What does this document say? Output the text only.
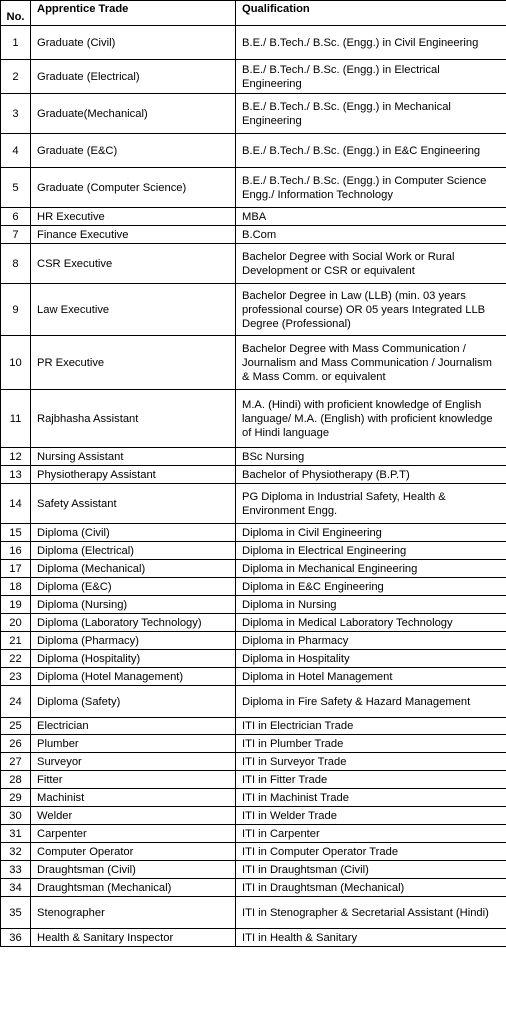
No.	Apprentice Trade	Qualification
1	Graduate (Civil)	B.E./ B.Tech./ B.Sc. (Engg.) in Civil Engineering
2	Graduate (Electrical)	B.E./ B.Tech./ B.Sc. (Engg.) in Electrical Engineering
3	Graduate(Mechanical)	B.E./ B.Tech./ B.Sc. (Engg.) in Mechanical Engineering
4	Graduate (E&C)	B.E./ B.Tech./ B.Sc. (Engg.) in E&C Engineering
5	Graduate (Computer Science)	B.E./ B.Tech./ B.Sc. (Engg.) in Computer Science Engg./ Information Technology
6	HR Executive	MBA
7	Finance Executive	B.Com
8	CSR Executive	Bachelor Degree with Social Work or Rural Development or CSR or equivalent
9	Law Executive	Bachelor Degree in Law (LLB) (min. 03 years professional course) OR 05 years Integrated LLB Degree (Professional)
10	PR Executive	Bachelor Degree with Mass Communication / Journalism and Mass Communication / Journalism & Mass Comm. or equivalent
11	Rajbhasha Assistant	M.A. (Hindi) with proficient knowledge of English language/ M.A. (English) with proficient knowledge of Hindi language
12	Nursing Assistant	BSc Nursing
13	Physiotherapy Assistant	Bachelor of Physiotherapy (B.P.T)
14	Safety Assistant	PG Diploma in Industrial Safety, Health & Environment Engg.
15	Diploma (Civil)	Diploma in Civil Engineering
16	Diploma (Electrical)	Diploma in Electrical Engineering
17	Diploma (Mechanical)	Diploma in Mechanical Engineering
18	Diploma (E&C)	Diploma in E&C Engineering
19	Diploma (Nursing)	Diploma in Nursing
20	Diploma (Laboratory Technology)	Diploma in Medical Laboratory Technology
21	Diploma (Pharmacy)	Diploma in Pharmacy
22	Diploma (Hospitality)	Diploma in Hospitality
23	Diploma (Hotel Management)	Diploma in Hotel Management
24	Diploma (Safety)	Diploma in Fire Safety & Hazard Management
25	Electrician	ITI in Electrician Trade
26	Plumber	ITI in Plumber Trade
27	Surveyor	ITI in Surveyor Trade
28	Fitter	ITI in Fitter Trade
29	Machinist	ITI in Machinist Trade
30	Welder	ITI in Welder Trade
31	Carpenter	ITI in Carpenter
32	Computer Operator	ITI in Computer Operator Trade
33	Draughtsman (Civil)	ITI in Draughtsman (Civil)
34	Draughtsman (Mechanical)	ITI in Draughtsman (Mechanical)
35	Stenographer	ITI in Stenographer & Secretarial Assistant (Hindi)
36	Health & Sanitary Inspector	ITI in Health & Sanitary
